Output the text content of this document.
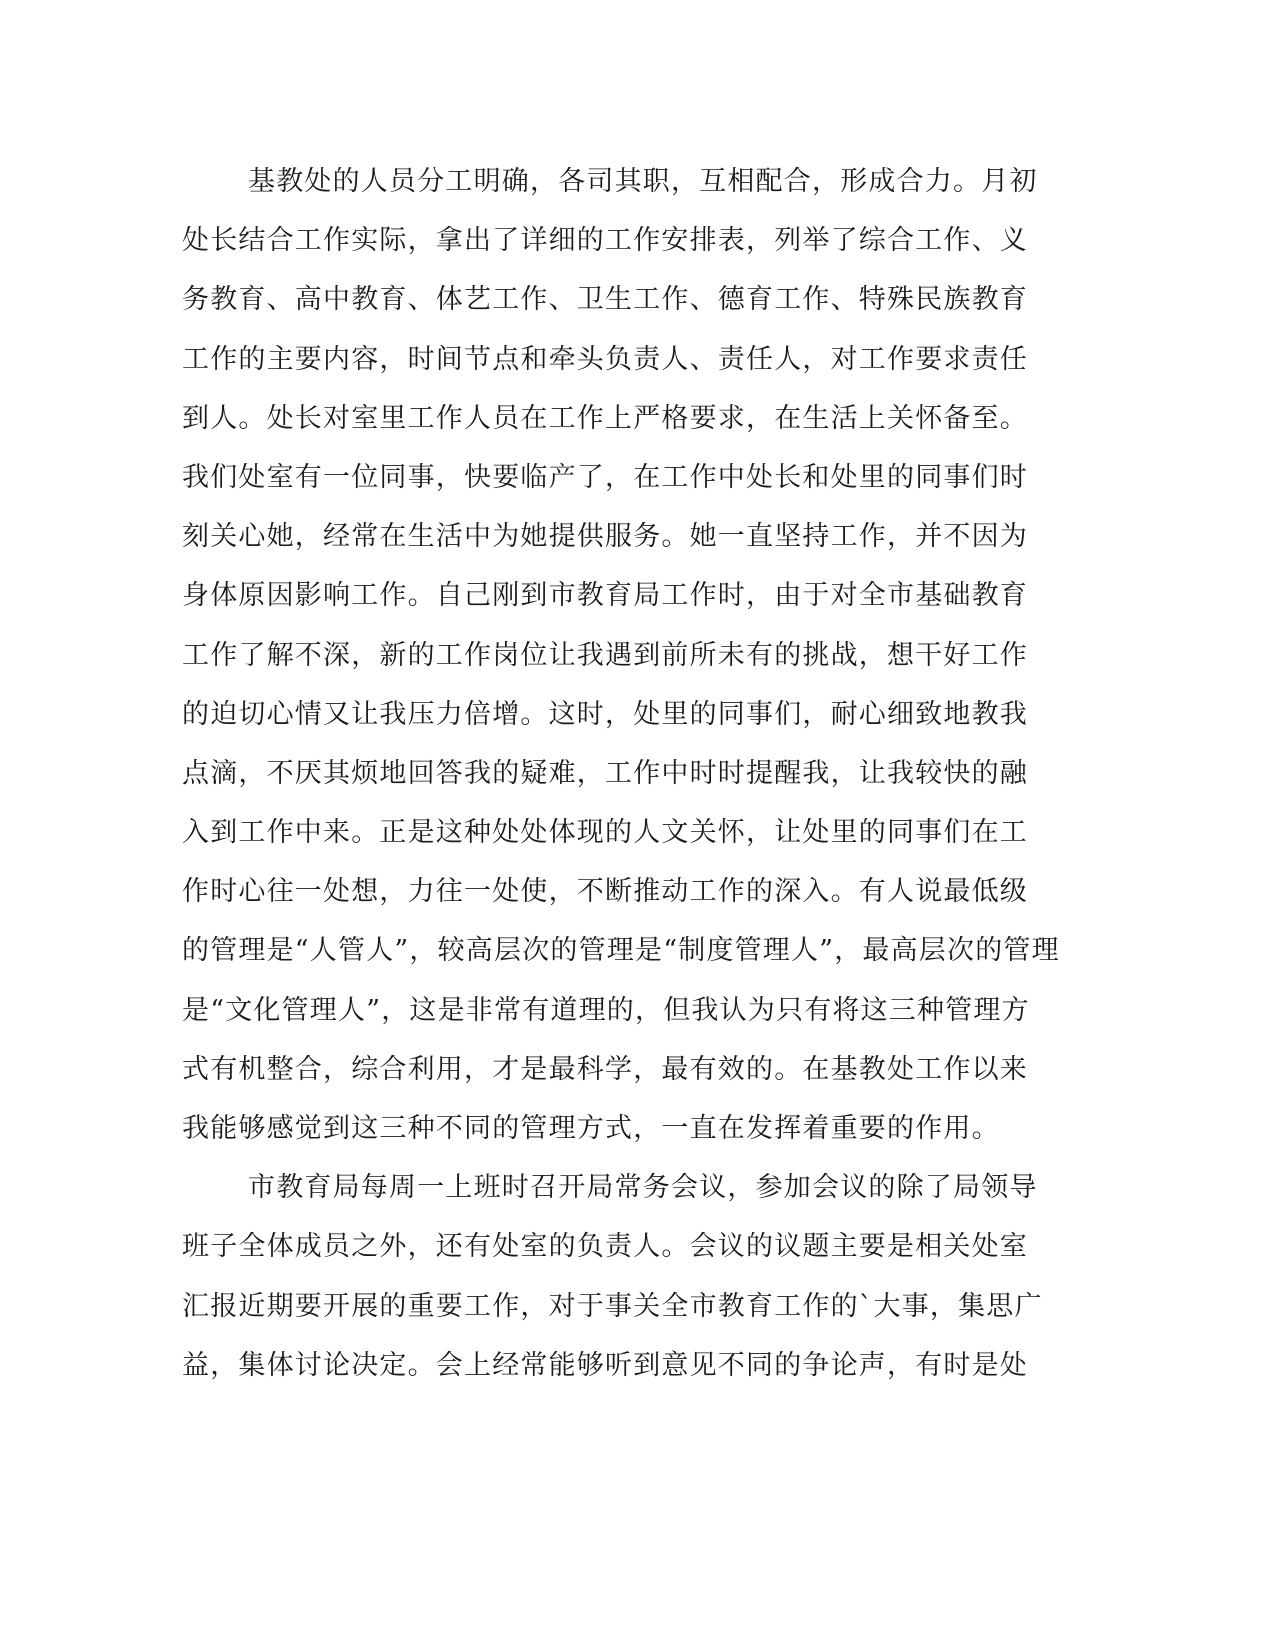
基教处的人员分工明确，各司其职，互相配合，形成合力。月初
处长结合工作实际，拿出了详细的工作安排表，列举了综合工作、义
务教育、高中教育、体艺工作、卫生工作、德育工作、特殊民族教育
工作的主要内容，时间节点和牵头负责人、责任人，对工作要求责任
到人。处长对室里工作人员在工作上严格要求，在生活上关怀备至。
我们处室有一位同事，快要临产了，在工作中处长和处里的同事们时
刻关心她，经常在生活中为她提供服务。她一直坚持工作，并不因为
身体原因影响工作。自己刚到市教育局工作时，由于对全市基础教育
工作了解不深，新的工作岗位让我遇到前所未有的挑战，想干好工作
的迫切心情又让我压力倍增。这时，处里的同事们，耐心细致地教我
点滴，不厌其烦地回答我的疑难，工作中时时提醒我，让我较快的融
入到工作中来。正是这种处处体现的人文关怀，让处里的同事们在工
作时心往一处想，力往一处使，不断推动工作的深入。有人说最低级
的管理是“人管人”，较高层次的管理是“制度管理人”，最高层次的管理
是“文化管理人”，这是非常有道理的，但我认为只有将这三种管理方
式有机整合，综合利用，才是最科学，最有效的。在基教处工作以来
我能够感觉到这三种不同的管理方式，一直在发挥着重要的作用。
市教育局每周一上班时召开局常务会议，参加会议的除了局领导
班子全体成员之外，还有处室的负责人。会议的议题主要是相关处室
汇报近期要开展的重要工作，对于事关全市教育工作的`大事，集思广
益，集体讨论决定。会上经常能够听到意见不同的争论声，有时是处
